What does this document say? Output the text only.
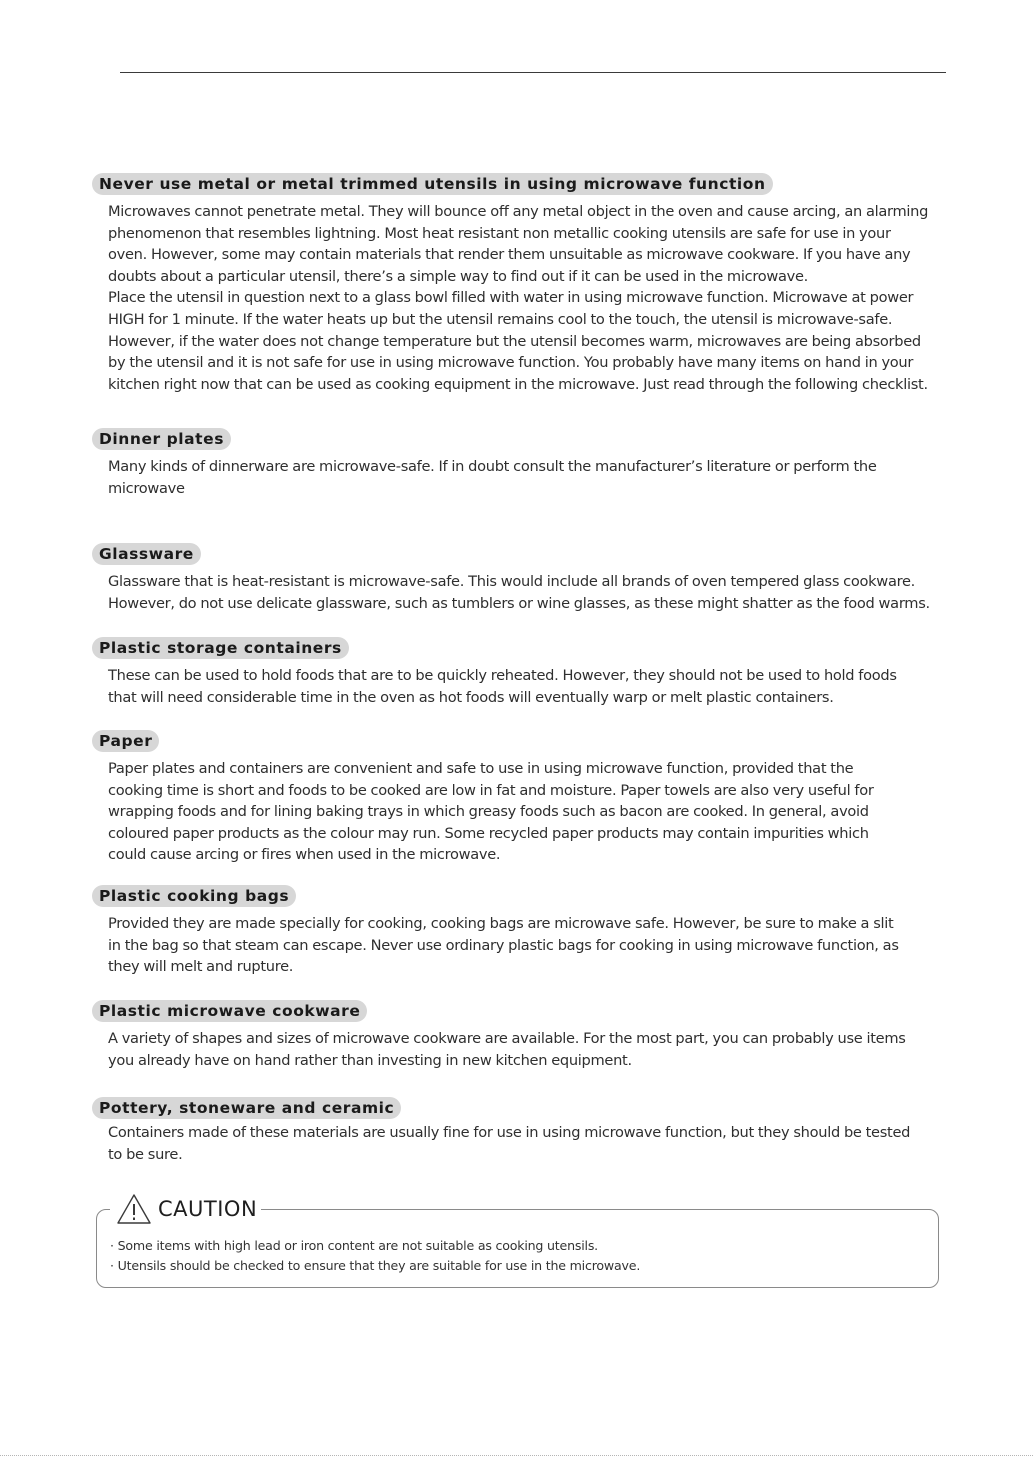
Never use metal or metal trimmed utensils in using microwave function
Microwaves cannot penetrate metal. They will bounce off any metal object in the oven and cause arcing, an alarming
phenomenon that resembles lightning. Most heat resistant non metallic cooking utensils are safe for use in your
oven. However, some may contain materials that render them unsuitable as microwave cookware. If you have any
doubts about a particular utensil, there’s a simple way to find out if it can be used in the microwave.
Place the utensil in question next to a glass bowl filled with water in using microwave function. Microwave at power
HIGH for 1 minute. If the water heats up but the utensil remains cool to the touch, the utensil is microwave-safe.
However, if the water does not change temperature but the utensil becomes warm, microwaves are being absorbed
by the utensil and it is not safe for use in using microwave function. You probably have many items on hand in your
kitchen right now that can be used as cooking equipment in the microwave. Just read through the following checklist.
Dinner plates
Many kinds of dinnerware are microwave-safe. If in doubt consult the manufacturer’s literature or perform the
microwave
Glassware
Glassware that is heat-resistant is microwave-safe. This would include all brands of oven tempered glass cookware.
However, do not use delicate glassware, such as tumblers or wine glasses, as these might shatter as the food warms.
Plastic storage containers
These can be used to hold foods that are to be quickly reheated. However, they should not be used to hold foods
that will need considerable time in the oven as hot foods will eventually warp or melt plastic containers.
Paper
Paper plates and containers are convenient and safe to use in using microwave function, provided that the
cooking time is short and foods to be cooked are low in fat and moisture. Paper towels are also very useful for
wrapping foods and for lining baking trays in which greasy foods such as bacon are cooked. In general, avoid
coloured paper products as the colour may run. Some recycled paper products may contain impurities which
could cause arcing or fires when used in the microwave.
Plastic cooking bags
Provided they are made specially for cooking, cooking bags are microwave safe. However, be sure to make a slit
in the bag so that steam can escape. Never use ordinary plastic bags for cooking in using microwave function, as
they will melt and rupture.
Plastic microwave cookware
A variety of shapes and sizes of microwave cookware are available. For the most part, you can probably use items
you already have on hand rather than investing in new kitchen equipment.
Pottery, stoneware and ceramic
Containers made of these materials are usually fine for use in using microwave function, but they should be tested
to be sure.
CAUTION
· Some items with high lead or iron content are not suitable as cooking utensils.
· Utensils should be checked to ensure that they are suitable for use in the microwave.
